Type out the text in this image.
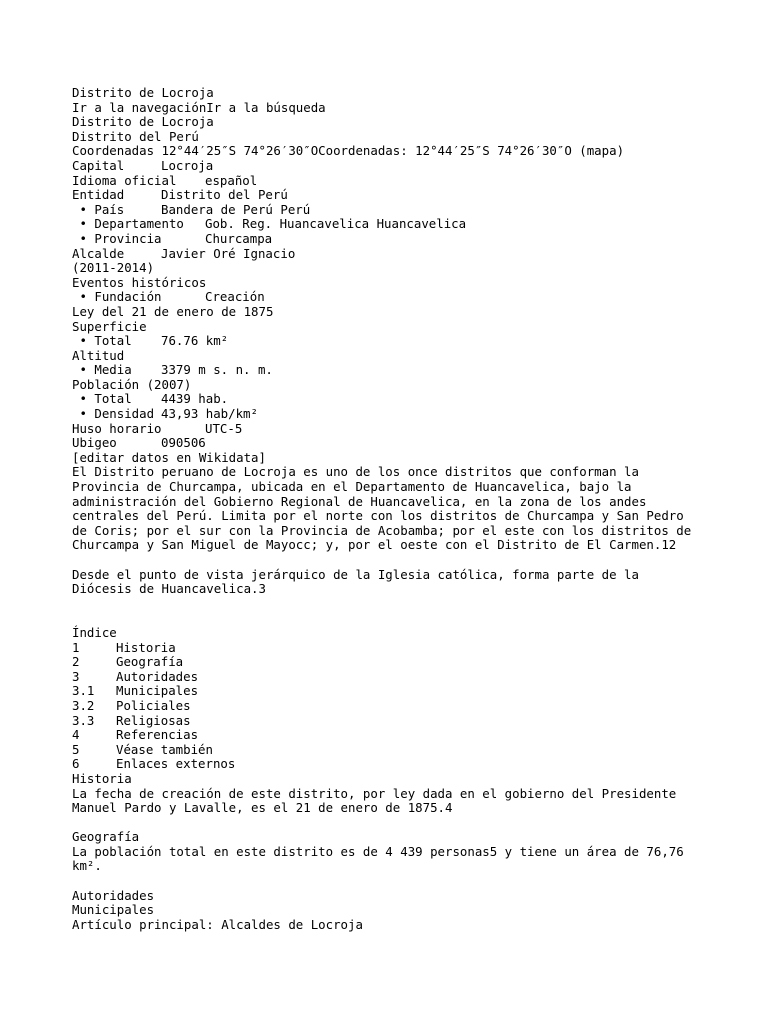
Distrito de Locroja
Ir a la navegaciónIr a la búsqueda
Distrito de Locroja
Distrito del Perú
Coordenadas 12°44′25″S 74°26′30″OCoordenadas: 12°44′25″S 74°26′30″O (mapa)
Capital	Locroja
Idioma oficial español
Entidad	Distrito del Perú
• País	Bandera de Perú Perú
• Departamento Gob. Reg. Huancavelica Huancavelica
• Provincia	Churcampa
Alcalde	Javier Oré Ignacio
(2011-2014)
Eventos históricos
• Fundación	Creación
Ley del 21 de enero de 1875
Superficie
• Total 76.76 km²
Altitud
• Media 3379 m s. n. m.
Población (2007)
• Total 4439 hab.
• Densidad 43,93 hab/km²
Huso horario	UTC-5
Ubigeo	090506
[editar datos en Wikidata]
El Distrito peruano de Locroja es uno de los once distritos que conforman la
Provincia de Churcampa, ubicada en el Departamento de Huancavelica, bajo la
administración del Gobierno Regional de Huancavelica, en la zona de los andes
centrales del Perú. Limita por el norte con los distritos de Churcampa y San Pedro
de Coris; por el sur con la Provincia de Acobamba; por el este con los distritos de
Churcampa y San Miguel de Mayocc; y, por el oeste con el Distrito de El Carmen.12
Desde el punto de vista jerárquico de la Iglesia católica, forma parte de la
Diócesis de Huancavelica.3
Índice
1	Historia
2	Geografía
3	Autoridades
3.1 Municipales
3.2 Policiales
3.3 Religiosas
4	Referencias
5	Véase también
6	Enlaces externos
Historia
La fecha de creación de este distrito, por ley dada en el gobierno del Presidente
Manuel Pardo y Lavalle, es el 21 de enero de 1875.4
Geografía
La población total en este distrito es de 4 439 personas5 y tiene un área de 76,76
km².
Autoridades
Municipales
Artículo principal: Alcaldes de Locroja
